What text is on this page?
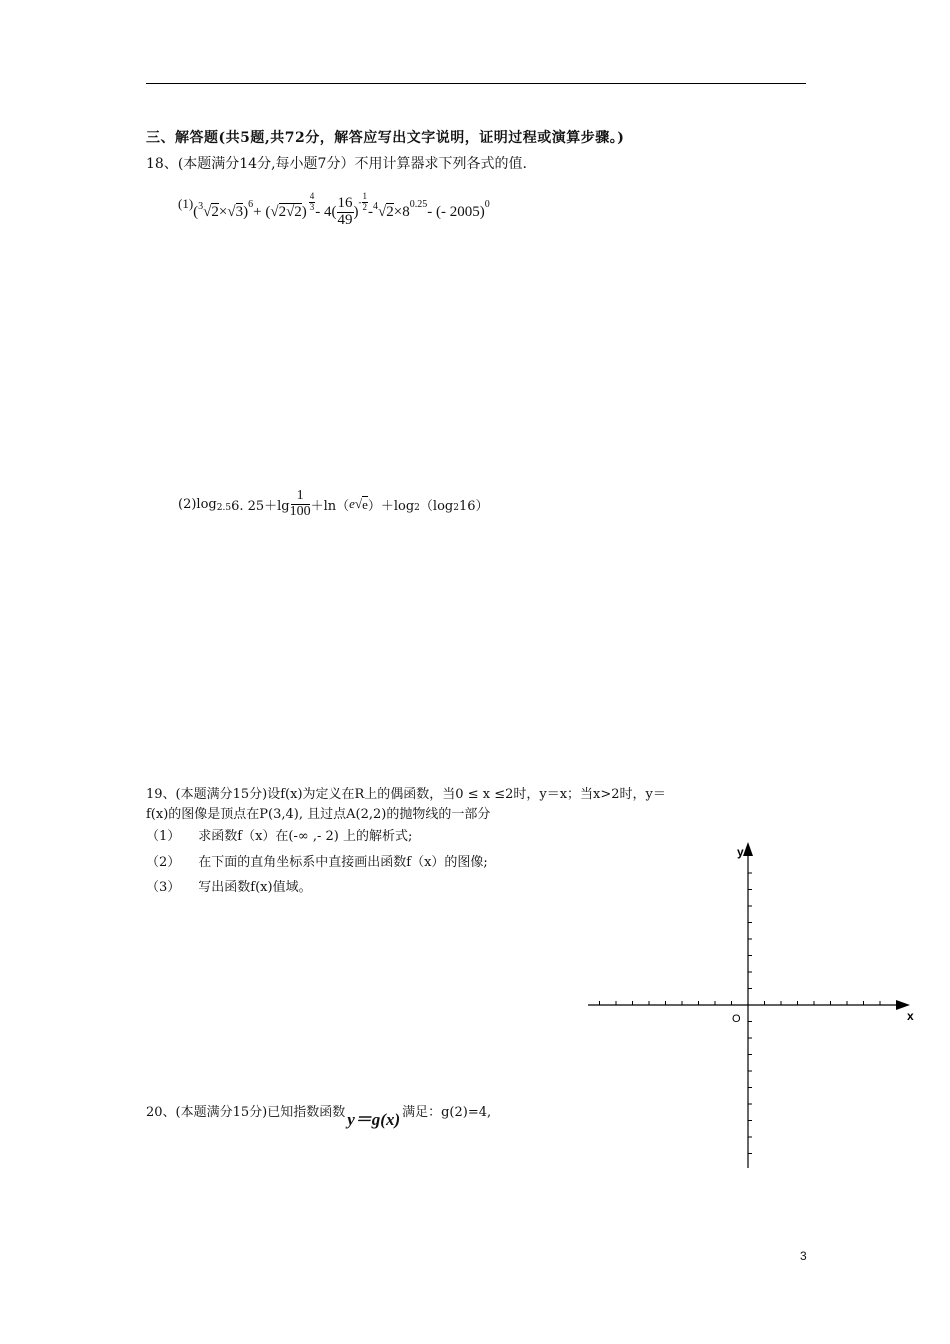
三、解答题(共5题,共72分，解答应写出文字说明，证明过程或演算步骤。)
18、(本题满分14分,每小题7分）不用计算器求下列各式的值.
(1) ( 3 √ 2 × √ 3 ) 6 + ( √ 2√2 ) $\frac{4}{3} - 4( \frac{16}{49}$ )
- $\frac{1}{2} - 4$ √ 2 ×8 0.25 - (- 2005) 0
(2)log 2.5 6. $25+\lg \frac{1}{100} +\ln$（ e √ e ）＋log 2 （log 2 16）
19、(本题满分15分)设f(x)为定义在R上的偶函数，当0 ≤ x ≤2时，y＝x；当x>2时，y＝
f(x)的图像是顶点在P(3,4), 且过点A(2,2)的抛物线的一部分
（1） 求函数f（x）在(-∞ ,- 2) 上的解析式;
（2） 在下面的直角坐标系中直接画出函数f（x）的图像;
（3） 写出函数f(x)值域。
y
x
O
20、(本题满分15分)已知指数函数 y＝g(x) 满足：g(2)=4,
3
